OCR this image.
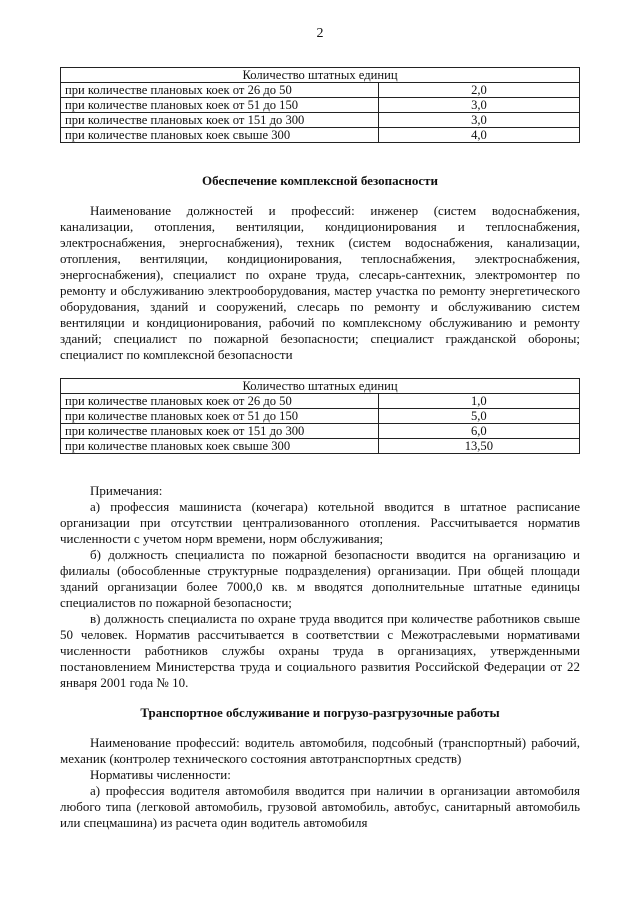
2
Количество штатных единиц	
при количестве плановых коек от 26 до 50	2,0
при количестве плановых коек от 51 до 150	3,0
при количестве плановых коек от 151 до 300	3,0
при количестве плановых коек свыше 300	4,0
Обеспечение комплексной безопасности

Наименование должностей и профессий: инженер (систем водоснабжения, канализации, отопления, вентиляции, кондиционирования и теплоснабжения, электроснабжения, энергоснабжения), техник (систем водоснабжения, канализации, отопления, вентиляции, кондиционирования, теплоснабжения, электроснабжения, энергоснабжения), специалист по охране труда, слесарь-сантехник, электромонтер по ремонту и обслуживанию электрооборудования, мастер участка по ремонту энергетического оборудования, зданий и сооружений, слесарь по ремонту и обслуживанию систем вентиляции и кондиционирования, рабочий по комплексному обслуживанию и ремонту зданий; специалист по пожарной безопасности; специалист гражданской обороны; специалист по комплексной безопасности

Количество штатных единиц	
при количестве плановых коек от 26 до 50	1,0
при количестве плановых коек от 51 до 150	5,0
при количестве плановых коек от 151 до 300	6,0
при количестве плановых коек свыше 300	13,50

Примечания:

а) профессия машиниста (кочегара) котельной вводится в штатное расписание организации при отсутствии централизованного отопления. Рассчитывается норматив численности с учетом норм времени, норм обслуживания;

б) должность специалиста по пожарной безопасности вводится на организацию и филиалы (обособленные структурные подразделения) организации. При общей площади зданий организации более 7000,0 кв. м вводятся дополнительные штатные единицы специалистов по пожарной безопасности;

в) должность специалиста по охране труда вводится при количестве работников свыше 50 человек. Норматив рассчитывается в соответствии с Межотраслевыми нормативами численности работников службы охраны труда в организациях, утвержденными постановлением Министерства труда и социального развития Российской Федерации от 22 января 2001 года № 10.

Транспортное обслуживание и погрузо-разгрузочные работы

Наименование профессий: водитель автомобиля, подсобный (транспортный) рабочий, механик (контролер технического состояния автотранспортных средств)

Нормативы численности:

а) профессия водителя автомобиля вводится при наличии в организации автомобиля любого типа (легковой автомобиль, грузовой автомобиль, автобус, санитарный автомобиль или спецмашина) из расчета один водитель автомобиля
